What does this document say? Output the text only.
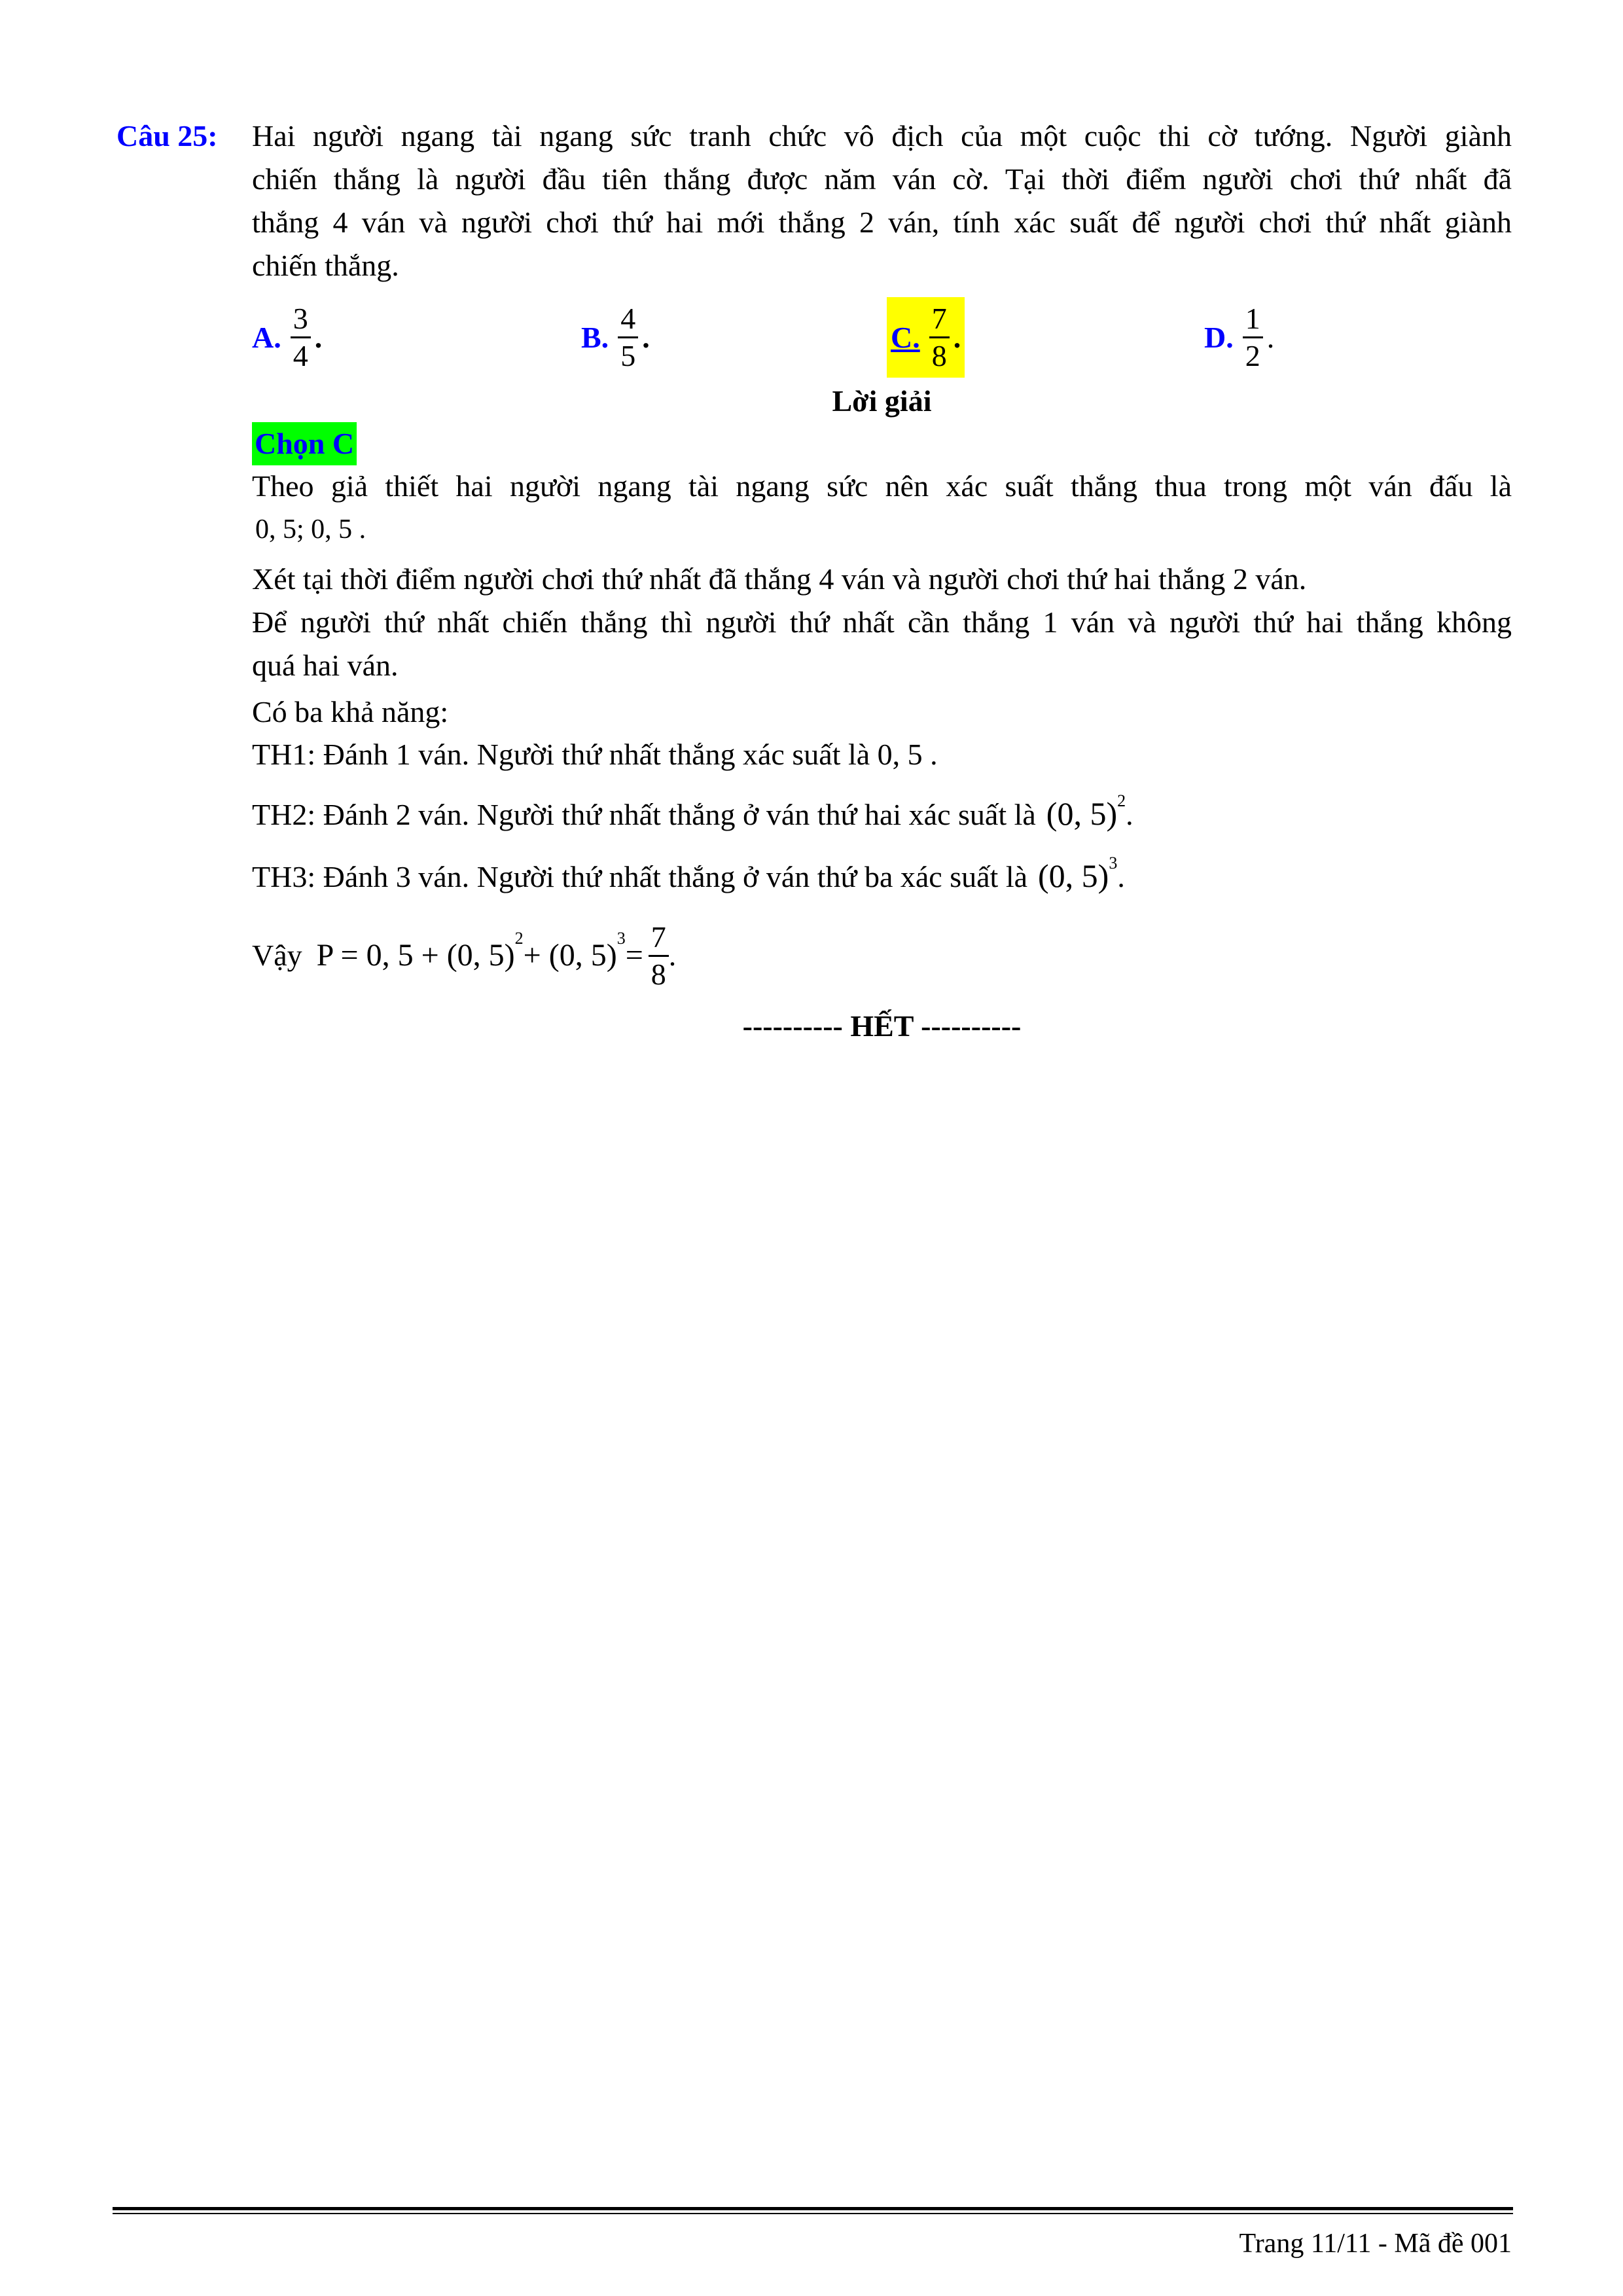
Câu 25: Hai người ngang tài ngang sức tranh chức vô địch của một cuộc thi cờ tướng. Người giành
chiến thắng là người đầu tiên thắng được năm ván cờ. Tại thời điểm người chơi thứ nhất đã
thắng 4 ván và người chơi thứ hai mới thắng 2 ván, tính xác suất để người chơi thứ nhất giành
chiến thắng.
A. $\frac{3}{4}$ .	B. $\frac{4}{5}$ .	C. $\frac{7}{8}$ .	D. $\frac{1}{2}$ .
Lời giải
Chọn C
Theo giả thiết hai người ngang tài ngang sức nên xác suất thắng thua trong một ván đấu là
0, 5; 0, 5 .
Xét tại thời điểm người chơi thứ nhất đã thắng 4 ván và người chơi thứ hai thắng 2 ván.
Để người thứ nhất chiến thắng thì người thứ nhất cần thắng 1 ván và người thứ hai thắng không
quá hai ván.
Có ba khả năng:
TH1: Đánh 1 ván. Người thứ nhất thắng xác suất là 0, 5 .
TH2: Đánh 2 ván. Người thứ nhất thắng ở ván thứ hai xác suất là (0, 5) 2 .
TH3: Đánh 3 ván. Người thứ nhất thắng ở ván thứ ba xác suất là (0, 5) 3 .
Vậy P = 0, 5 + (0, 5) 2 + (0, 5) $3 = \frac{7}{8}$ .
---------- HẾT ----------
Trang 11/11 - Mã đề 001
